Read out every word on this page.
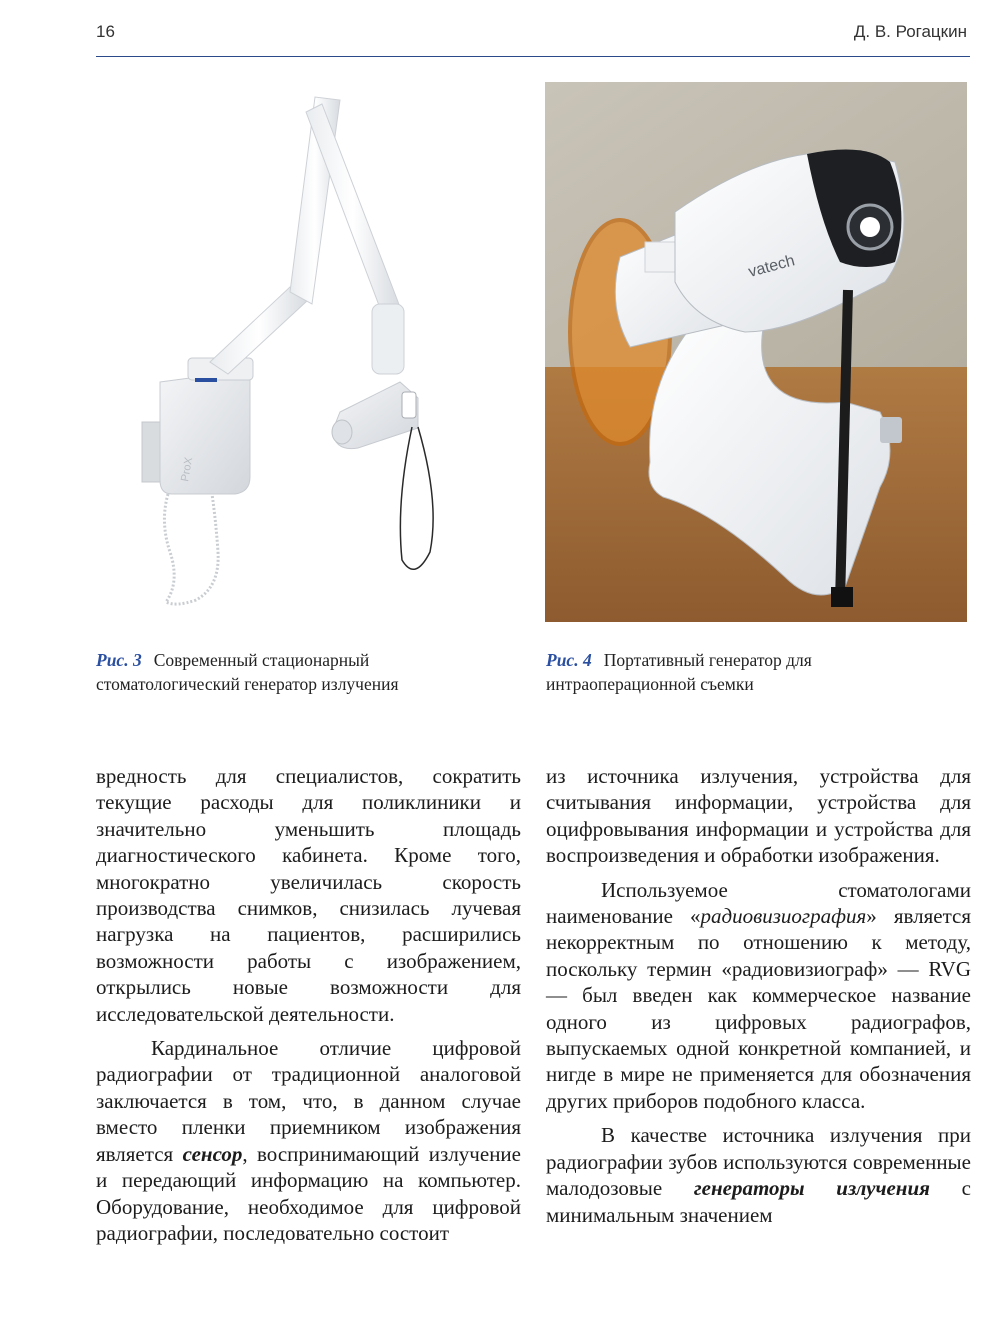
16	Д. В. Рогацкин
ProX
vatech
Рис. 3 Современный стационарный стоматологический генератор излучения
Рис. 4 Портативный генератор для интраоперационной съемки

вредность для специалистов, сократить текущие расходы для поликлиники и значительно уменьшить площадь диагностического кабинета. Кроме того, многократно увеличилась скорость производства снимков, снизилась лучевая нагрузка на пациентов, расширились возможности работы с изображением, открылись новые возможности для исследовательской деятельности.

Кардинальное отличие цифровой радиографии от традиционной аналоговой заключается в том, что, в данном случае вместо пленки приемником изображения является сенсор, воспринимающий излучение и передающий информацию на компьютер. Оборудование, необходимое для цифровой радиографии, последовательно состоит

из источника излучения, устройства для считывания информации, устройства для оцифровывания информации и устройства для воспроизведения и обработки изображения.

Используемое стоматологами наименование «радиовизиография» является некорректным по отношению к методу, поскольку термин «радиовизиограф» — RVG — был введен как коммерческое название одного из цифровых радиографов, выпускаемых одной конкретной компанией, и нигде в мире не применяется для обозначения других приборов подобного класса.

В качестве источника излучения при радиографии зубов используются современные малодозовые генераторы излучения с минимальным значением
